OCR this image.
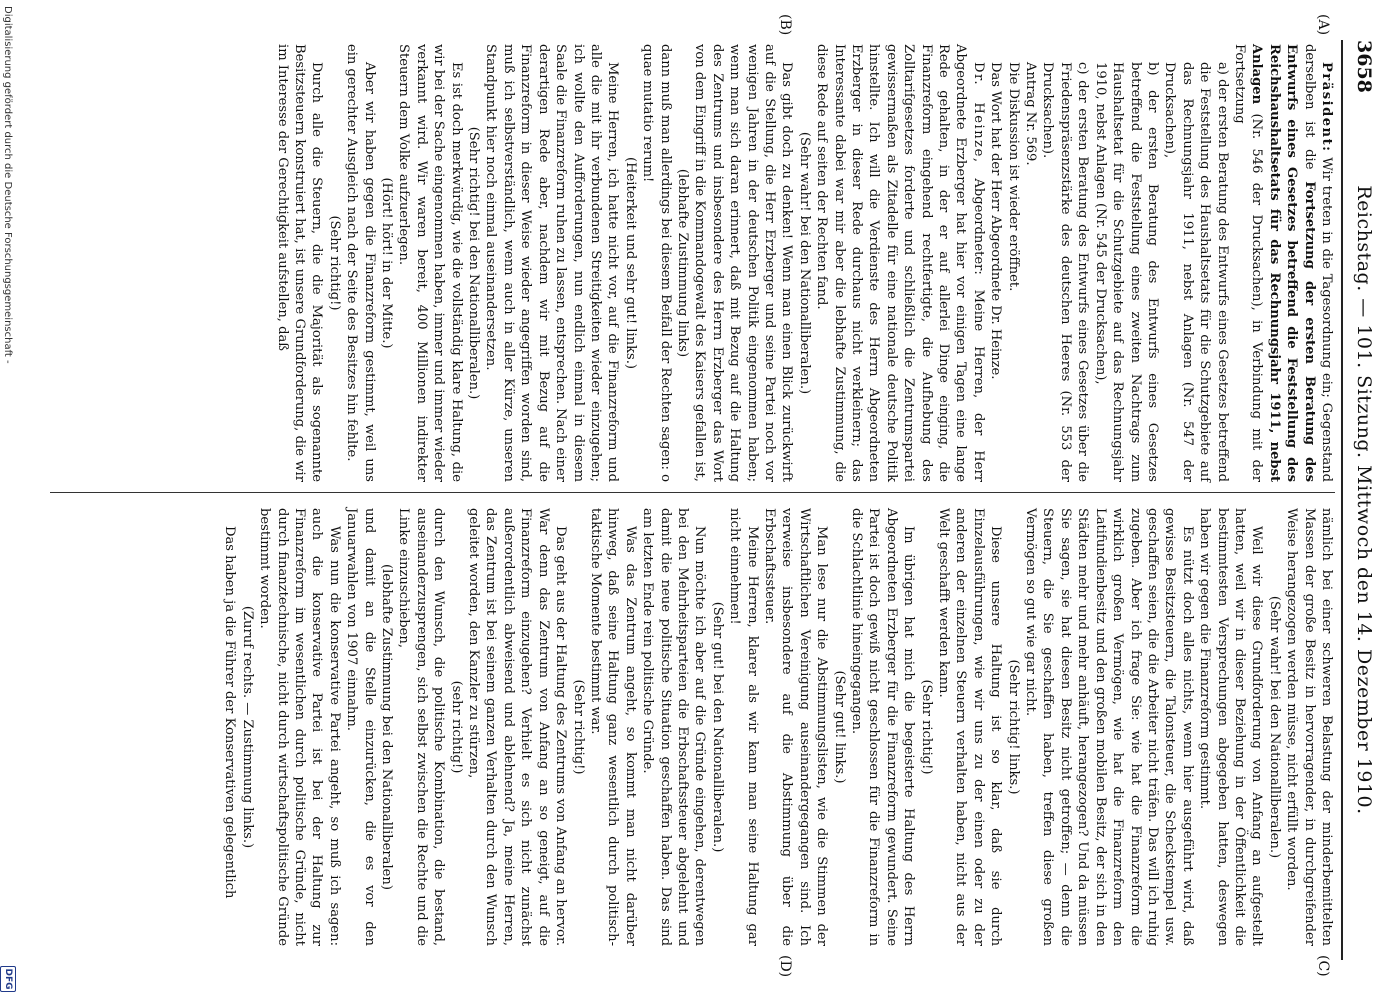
3658
Reichstag. — 101. Sitzung. Mittwoch den 14. Dezember 1910.
(A)
(B)
(C)
(D)

Präsident: Wir treten in die Tagesordnung ein; Gegenstand derselben ist die Fortsetzung der ersten Beratung des Entwurfs eines Gesetzes betreffend die Feststellung des Reichshaushaltsetats für das Rechnungsjahr 1911, nebst Anlagen (Nr. 546 der Drucksachen), in Verbindung mit der Fortsetzung

a) der ersten Beratung des Entwurfs eines Gesetzes betreffend die Feststellung des Haushaltsetats für die Schutzgebiete auf das Rechnungsjahr 1911, nebst Anlagen (Nr. 547 der Drucksachen),

b) der ersten Beratung des Entwurfs eines Gesetzes betreffend die Feststellung eines zweiten Nachtrags zum Haushaltsetat für die Schutzgebiete auf das Rechnungsjahr 1910, nebst Anlagen (Nr. 545 der Drucksachen),

c) der ersten Beratung des Entwurfs eines Gesetzes über die Friedenspräsenzstärke des deutschen Heeres (Nr. 553 der Drucksachen).

Antrag Nr. 569.

Die Diskussion ist wieder eröffnet.

Das Wort hat der Herr Abgeordnete Dr. Heinze.

Dr. Heinze, Abgeordneter: Meine Herren, der Herr Abgeordnete Erzberger hat hier vor einigen Tagen eine lange Rede gehalten, in der er auf allerlei Dinge einging, die Finanzreform eingehend rechtfertigte, die Aufhebung des Zolltarifgesetzes forderte und schließlich die Zentrumspartei gewissermaßen als Zitadelle für eine nationale deutsche Politik hinstellte. Ich will die Verdienste des Herrn Abgeordneten Erzberger in dieser Rede durchaus nicht verkleinern; das Interessante dabei war mir aber die lebhafte Zustimmung, die diese Rede auf seiten der Rechten fand.

(Sehr wahr! bei den Nationalliberalen.)

Das gibt doch zu denken! Wenn man einen Blick zurückwirft auf die Stellung, die Herr Erzberger und seine Partei noch vor wenigen Jahren in der deutschen Politik eingenommen haben; wenn man sich daran erinnert, daß mit Bezug auf die Haltung des Zentrums und insbesondere des Herrn Erzberger das Wort von dem Eingriff in die Kommandogewalt des Kaisers gefallen ist,

(lebhafte Zustimmung links)

dann muß man allerdings bei diesem Beifall der Rechten sagen: o quae mutatio rerum!

(Heiterkeit und sehr gut! links.)

Meine Herren, ich hatte nicht vor, auf die Finanzreform und alle die mit ihr verbundenen Streitigkeiten wieder einzugehen; ich wollte den Aufforderungen, nun endlich einmal in diesem Saale die Finanzreform ruhen zu lassen, entsprechen. Nach einer derartigen Rede aber, nachdem wir mit Bezug auf die Finanzreform in dieser Weise wieder angegriffen worden sind, muß ich selbstverständlich, wenn auch in aller Kürze, unseren Standpunkt hier noch einmal auseinandersetzen.

(Sehr richtig! bei den Nationalliberalen.)

Es ist doch merkwürdig, wie die vollständig klare Haltung, die wir bei der Sache eingenommen haben, immer und immer wieder verkannt wird. Wir waren bereit, 400 Millionen indirekter Steuern dem Volke aufzuerlegen.

(Hört! hört! in der Mitte.)

Aber wir haben gegen die Finanzreform gestimmt, weil uns ein gerechter Ausgleich nach der Seite des Besitzes hin fehlte.

(Sehr richtig!)

Durch alle die Steuern, die die Majorität als sogenannte Besitzsteuern konstruiert hat, ist unsere Grundforderung, die wir im Interesse der Gerechtigkeit aufstellen, daß

nämlich bei einer schweren Belastung der minderbemittelten Massen der große Besitz in hervorragender, in durchgreifender Weise herangezogen werden müsse, nicht erfüllt worden.

(Sehr wahr! bei den Nationalliberalen.)

Weil wir diese Grundforderung von Anfang an aufgestellt hatten, weil wir in dieser Beziehung in der Öffentlichkeit die bestimmtesten Versprechungen abgegeben hatten, deswegen haben wir gegen die Finanzreform gestimmt.

Es nützt doch alles nichts, wenn hier ausgeführt wird, daß gewisse Besitzsteuern, die Talonsteuer, die Scheckstempel usw. geschaffen seien, die die Arbeiter nicht träfen. Das will ich ruhig zugeben. Aber ich frage Sie: wie hat die Finanzreform die wirklich großen Vermögen, wie hat die Finanzreform den Latifundienbesitz und den großen mobilen Besitz, der sich in den Städten mehr und mehr anhäuft, herangezogen? Und da müssen Sie sagen, sie hat diesen Besitz nicht getroffen; — denn die Steuern, die Sie geschaffen haben, treffen diese großen Vermögen so gut wie gar nicht.

(Sehr richtig! links.)

Diese unsere Haltung ist so klar, daß sie durch Einzelausführungen, wie wir uns zu der einen oder zu der anderen der einzelnen Steuern verhalten haben, nicht aus der Welt geschafft werden kann.

(Sehr richtig!)

Im übrigen hat mich die begeisterte Haltung des Herrn Abgeordneten Erzberger für die Finanzreform gewundert. Seine Partei ist doch gewiß nicht geschlossen für die Finanzreform in die Schlachtlinie hineingegangen.

(Sehr gut! links.)

Man lese nur die Abstimmungslisten, wie die Stimmen der Wirtschaftlichen Vereinigung auseinandergegangen sind. Ich verweise insbesondere auf die Abstimmung über die Erbschaftssteuer.

Meine Herren, klarer als wir kann man seine Haltung gar nicht einnehmen!

(Sehr gut! bei den Nationalliberalen.)

Nun möchte ich aber auf die Gründe eingehen, derentwegen bei den Mehrheitsparteien die Erbschaftssteuer abgelehnt und damit die neue politische Situation geschaffen haben. Das sind am letzten Ende rein politische Gründe.

Was das Zentrum angeht, so kommt man nicht darüber hinweg, daß seine Haltung ganz wesentlich durch politisch-taktische Momente bestimmt war.

(Sehr richtig!)

Das geht aus der Haltung des Zentrums von Anfang an hervor. War denn das Zentrum von Anfang an so geneigt, auf die Finanzreform einzugehen? Verhielt es sich nicht zunächst außerordentlich abweisend und ablehnend? Ja, meine Herren, das Zentrum ist bei seinem ganzen Verhalten durch den Wunsch geleitet worden, den Kanzler zu stürzen,

(sehr richtig!)

durch den Wunsch, die politische Kombination, die bestand, auseinanderzusprengen, sich selbst zwischen die Rechte und die Linke einzuschieben,

(lebhafte Zustimmung bei den Nationalliberalen)

und damit an die Stelle einzurücken, die es vor den Januarwahlen von 1907 einnahm.

Was nun die konservative Partei angeht, so muß ich sagen: auch die konservative Partei ist bei der Haltung zur Finanzreform im wesentlichen durch politische Gründe, nicht durch finanztechnische, nicht durch wirtschaftspolitische Gründe bestimmt worden.

(Zuruf rechts. — Zustimmung links.)

Das haben ja die Führer der Konservativen gelegentlich

Digitalisierung gefördert durch die Deutsche Forschungsgemeinschaft -
DFG
